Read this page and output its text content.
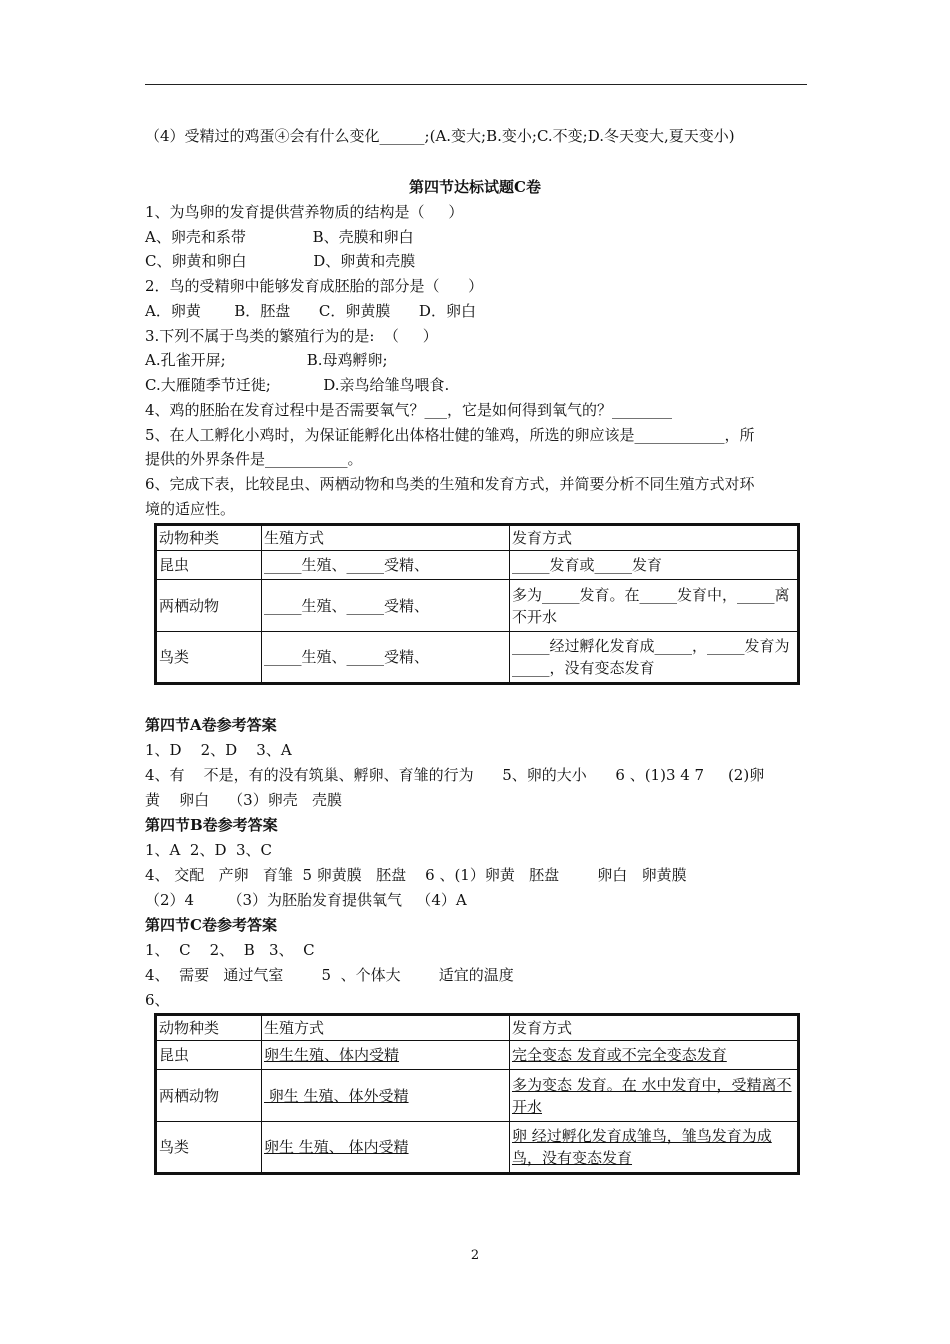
（4）受精过的鸡蛋④会有什么变化______;(A.变大;B.变小;C.不变;D.冬天变大,夏天变小)
第四节达标试题C卷
1、为鸟卵的发育提供营养物质的结构是（     ）
A、卵壳和系带              B、壳膜和卵白
C、卵黄和卵白              D、卵黄和壳膜
2．鸟的受精卵中能够发育成胚胎的部分是（      ）
A．卵黄       B．胚盘      C．卵黄膜      D．卵白
3.下列不属于鸟类的繁殖行为的是:  （     ）
A.孔雀开屏;                 B.母鸡孵卵;
C.大雁随季节迁徙;           D.亲鸟给雏鸟喂食.
4、鸡的胚胎在发育过程中是否需要氧气？___，它是如何得到氧气的？________
5、在人工孵化小鸡时，为保证能孵化出体格壮健的雏鸡，所选的卵应该是____________，所
提供的外界条件是___________。
6、完成下表，比较昆虫、两栖动物和鸟类的生殖和发育方式，并简要分析不同生殖方式对环
境的适应性。
动物种类	生殖方式	发育方式
昆虫	_____生殖、_____受精、	_____发育或_____发育
两栖动物	_____生殖、_____受精、	多为_____发育。在_____发育中，_____离不开水
鸟类	_____生殖、_____受精、	_____经过孵化发育成_____，_____发育为_____，没有变态发育
第四节A卷参考答案
1、D    2、D    3、A
4、有    不是，有的没有筑巢、孵卵、育雏的行为      5、卵的大小      6 、(1)3 4 7     (2)卵
黄    卵白    （3）卵壳   壳膜
第四节B卷参考答案
1、A  2、D  3、C
4、 交配   产卵   育雏  5 卵黄膜   胚盘    6 、(1）卵黄   胚盘        卵白   卵黄膜
（2）4       （3）为胚胎发育提供氧气   （4）A
第四节C卷参考答案
1、  C    2、  B   3、  C
4、  需要   通过气室        5  、个体大        适宜的温度
6、
动物种类	生殖方式	发育方式
昆虫	卵生生殖、体内受精	完全变态 发育或不完全变态发育
两栖动物	卵生 生殖、体外受精	多为变态 发育。在 水中发育中，受精离不开水
鸟类	卵生 生殖、 体内受精	卵 经过孵化发育成雏鸟，雏鸟发育为成鸟，没有变态发育
2
